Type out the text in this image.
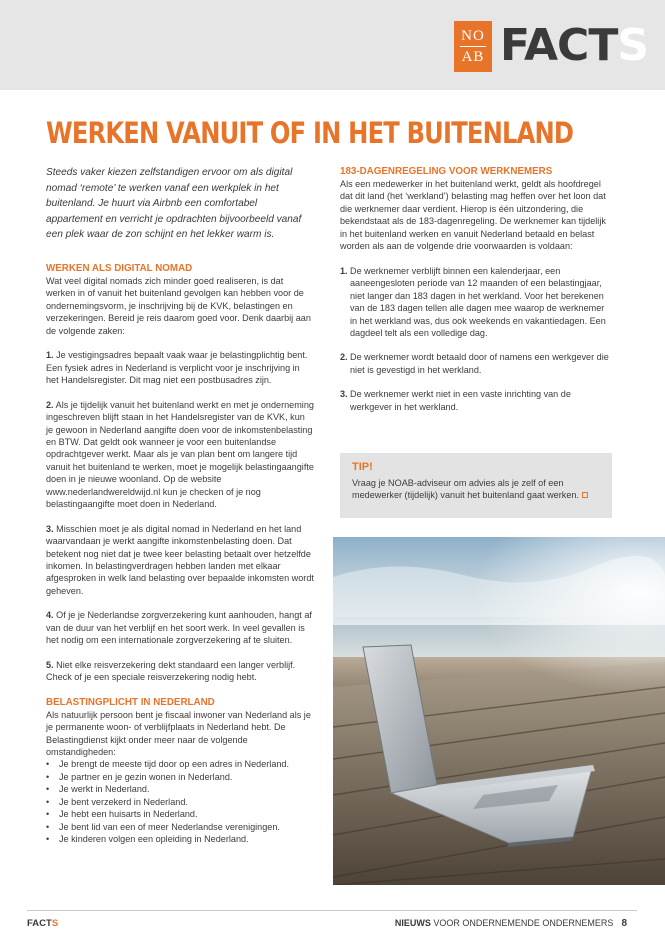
NO
AB FACTS
WERKEN VANUIT OF IN HET BUITENLAND

Steeds vaker kiezen zelfstandigen ervoor om als digital nomad ‘remote’ te werken vanaf een werkplek in het buitenland. Je huurt via Airbnb een comfortabel appartement en verricht je opdrachten bijvoorbeeld vanaf een plek waar de zon schijnt en het lekker warm is.

WERKEN ALS DIGITAL NOMAD

Wat veel digital nomads zich minder goed realiseren, is dat werken in of vanuit het buitenland gevolgen kan hebben voor de ondernemingsvorm, je inschrijving bij de KVK, belastingen en verzekeringen. Bereid je reis daarom goed voor. Denk daarbij aan de volgende zaken:

1. Je vestigingsadres bepaalt vaak waar je belastingplichtig bent. Een fysiek adres in Nederland is verplicht voor je inschrijving in het Handelsregister. Dit mag niet een postbusadres zijn.

2. Als je tijdelijk vanuit het buitenland werkt en met je onderneming ingeschreven blijft staan in het Handelsregister van de KVK, kun je gewoon in Nederland aangifte doen voor de inkomstenbelasting en BTW. Dat geldt ook wanneer je voor een buitenlandse opdrachtgever werkt. Maar als je van plan bent om langere tijd vanuit het buitenland te werken, moet je mogelijk belastingaangifte doen in je nieuwe woonland. Op de website www.nederlandwereldwijd.nl kun je checken of je nog belastingaangifte moet doen in Nederland.

3. Misschien moet je als digital nomad in Nederland en het land waarvandaan je werkt aangifte inkomstenbelasting doen. Dat betekent nog niet dat je twee keer belasting betaalt over hetzelfde inkomen. In belastingverdragen hebben landen met elkaar afgesproken in welk land belasting over bepaalde inkomsten wordt geheven.

4. Of je je Nederlandse zorgverzekering kunt aanhouden, hangt af van de duur van het verblijf en het soort werk. In veel gevallen is het nodig om een internationale zorgverzekering af te sluiten.

5. Niet elke reisverzekering dekt standaard een langer verblijf. Check of je een speciale reisverzekering nodig hebt.

BELASTINGPLICHT IN NEDERLAND

Als natuurlijk persoon bent je fiscaal inwoner van Nederland als je je permanente woon- of verblijfplaats in Nederland hebt. De Belastingdienst kijkt onder meer naar de volgende omstandigheden:

•	Je brengt de meeste tijd door op een adres in Nederland.
•	Je partner en je gezin wonen in Nederland.
•	Je werkt in Nederland.
•	Je bent verzekerd in Nederland.
•	Je hebt een huisarts in Nederland.
•	Je bent lid van een of meer Nederlandse verenigingen.
•	Je kinderen volgen een opleiding in Nederland.
183-DAGENREGELING VOOR WERKNEMERS

Als een medewerker in het buitenland werkt, geldt als hoofdregel dat dit land (het ‘werkland’) belasting mag heffen over het loon dat die werknemer daar verdient. Hierop is één uitzondering, die bekendstaat als de 183-dagenregeling. De werknemer kan tijdelijk in het buitenland werken en vanuit Nederland betaald en belast worden als aan de volgende drie voorwaarden is voldaan:

1. De werknemer verblijft binnen een kalenderjaar, een aaneengesloten periode van 12 maanden of een belastingjaar, niet langer dan 183 dagen in het werkland. Voor het berekenen van de 183 dagen tellen alle dagen mee waarop de werknemer in het werkland was, dus ook weekends en vakantiedagen. Een dagdeel telt als een volledige dag.
2. De werknemer wordt betaald door of namens een werkgever die niet is gevestigd in het werkland.
3. De werknemer werkt niet in een vaste inrichting van de werkgever in het werkland.
TIP!
Vraag je NOAB-adviseur om advies als je zelf of een medewerker (tijdelijk) vanuit het buitenland gaat werken.
FACTS	NIEUWS VOOR ONDERNEMENDE ONDERNEMERS 8
